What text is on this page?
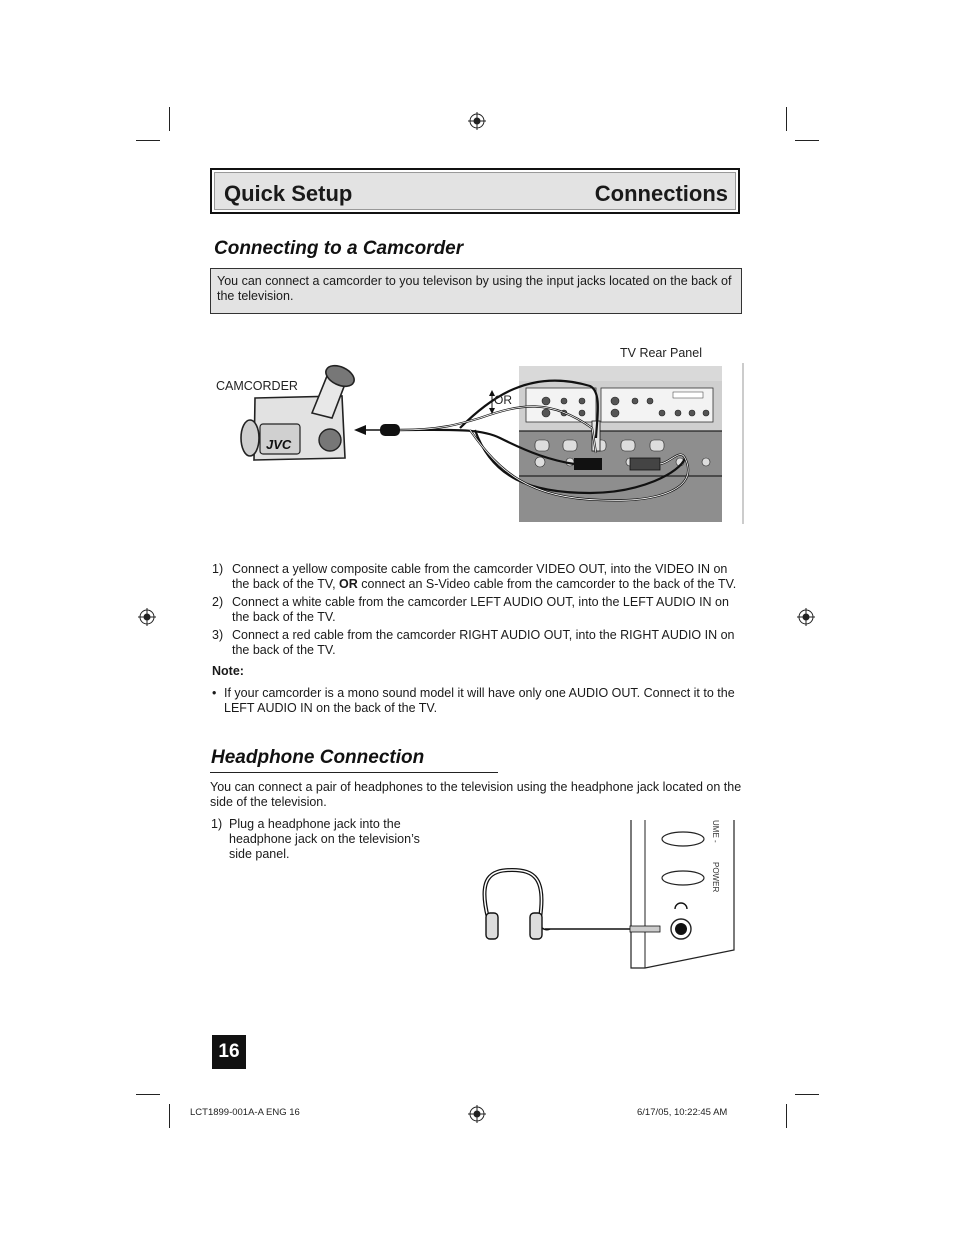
Quick Setup	Connections
Connecting to a Camcorder
You can connect a camcorder to you televison by using the input jacks located on the back of the television.
TV Rear Panel
CAMCORDER
OR
JVC
1) Connect a yellow composite cable from the camcorder VIDEO OUT, into the VIDEO IN on the back of the TV, OR connect an S-Video cable from the camcorder to the back of the TV.
2) Connect a white cable from the camcorder LEFT AUDIO OUT, into the LEFT AUDIO IN on the back of the TV.
3) Connect a red cable from the camcorder RIGHT AUDIO OUT, into the RIGHT AUDIO IN on the back of the TV.
Note:
• If your camcorder is a mono sound model it will have only one AUDIO OUT. Connect it to the LEFT AUDIO IN on the back of the TV.
Headphone Connection
You can connect a pair of headphones to the television using the headphone jack located on the side of the television.
1) Plug a headphone jack into the headphone jack on the television’s side panel.
UME -
POWER
16
LCT1899-001A-A ENG 16	6/17/05, 10:22:45 AM
